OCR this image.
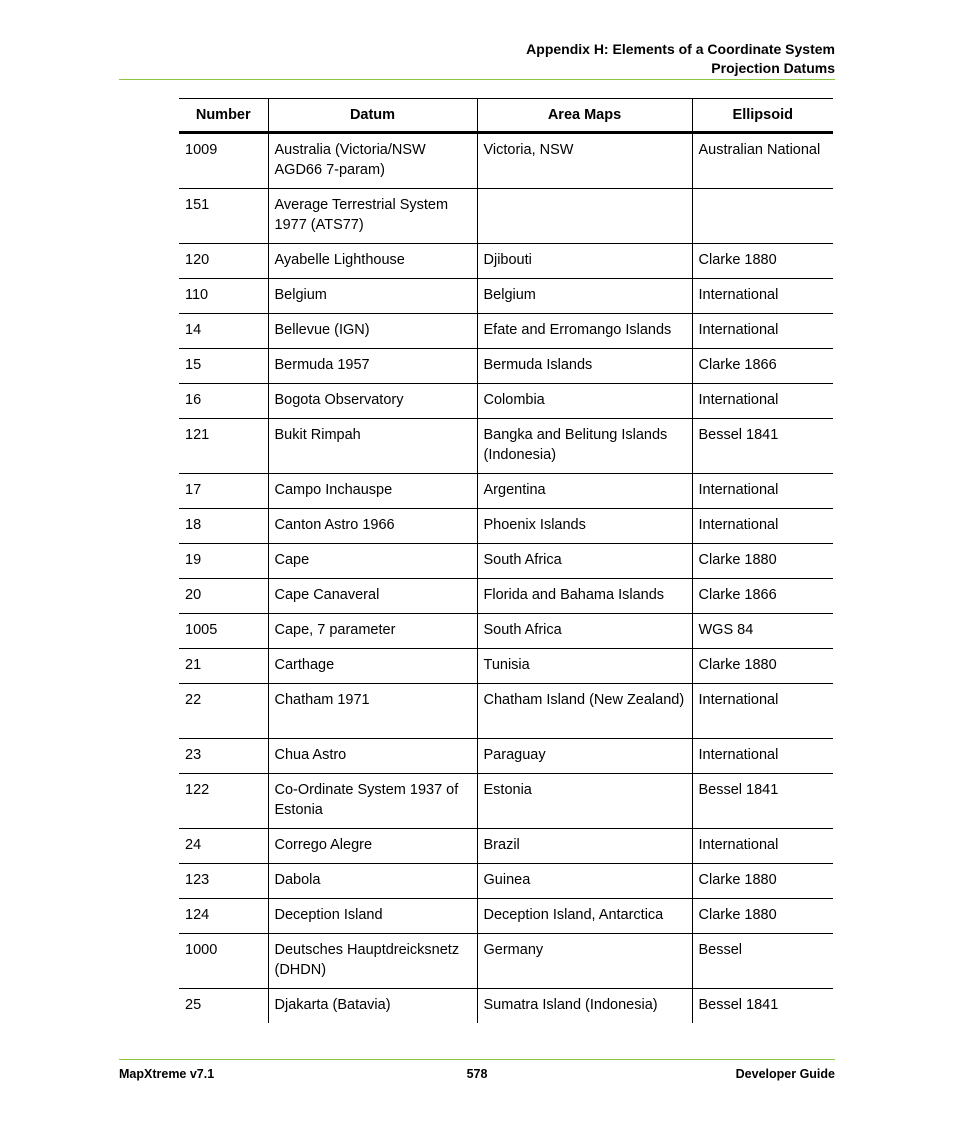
Appendix H: Elements of a Coordinate System
Projection Datums
Number	Datum	Area Maps	Ellipsoid
1009	Australia (Victoria/NSW AGD66 7-param)	Victoria, NSW	Australian National
151	Average Terrestrial System 1977 (ATS77)		
120	Ayabelle Lighthouse	Djibouti	Clarke 1880
110	Belgium	Belgium	International
14	Bellevue (IGN)	Efate and Erromango Islands	International
15	Bermuda 1957	Bermuda Islands	Clarke 1866
16	Bogota Observatory	Colombia	International
121	Bukit Rimpah	Bangka and Belitung Islands (Indonesia)	Bessel 1841
17	Campo Inchauspe	Argentina	International
18	Canton Astro 1966	Phoenix Islands	International
19	Cape	South Africa	Clarke 1880
20	Cape Canaveral	Florida and Bahama Islands	Clarke 1866
1005	Cape, 7 parameter	South Africa	WGS 84
21	Carthage	Tunisia	Clarke 1880
22	Chatham 1971	Chatham Island (New Zealand)	International
23	Chua Astro	Paraguay	International
122	Co-Ordinate System 1937 of Estonia	Estonia	Bessel 1841
24	Corrego Alegre	Brazil	International
123	Dabola	Guinea	Clarke 1880
124	Deception Island	Deception Island, Antarctica	Clarke 1880
1000	Deutsches Hauptdreicksnetz (DHDN)	Germany	Bessel
25	Djakarta (Batavia)	Sumatra Island (Indonesia)	Bessel 1841
578
MapXtreme v7.1	Developer Guide
